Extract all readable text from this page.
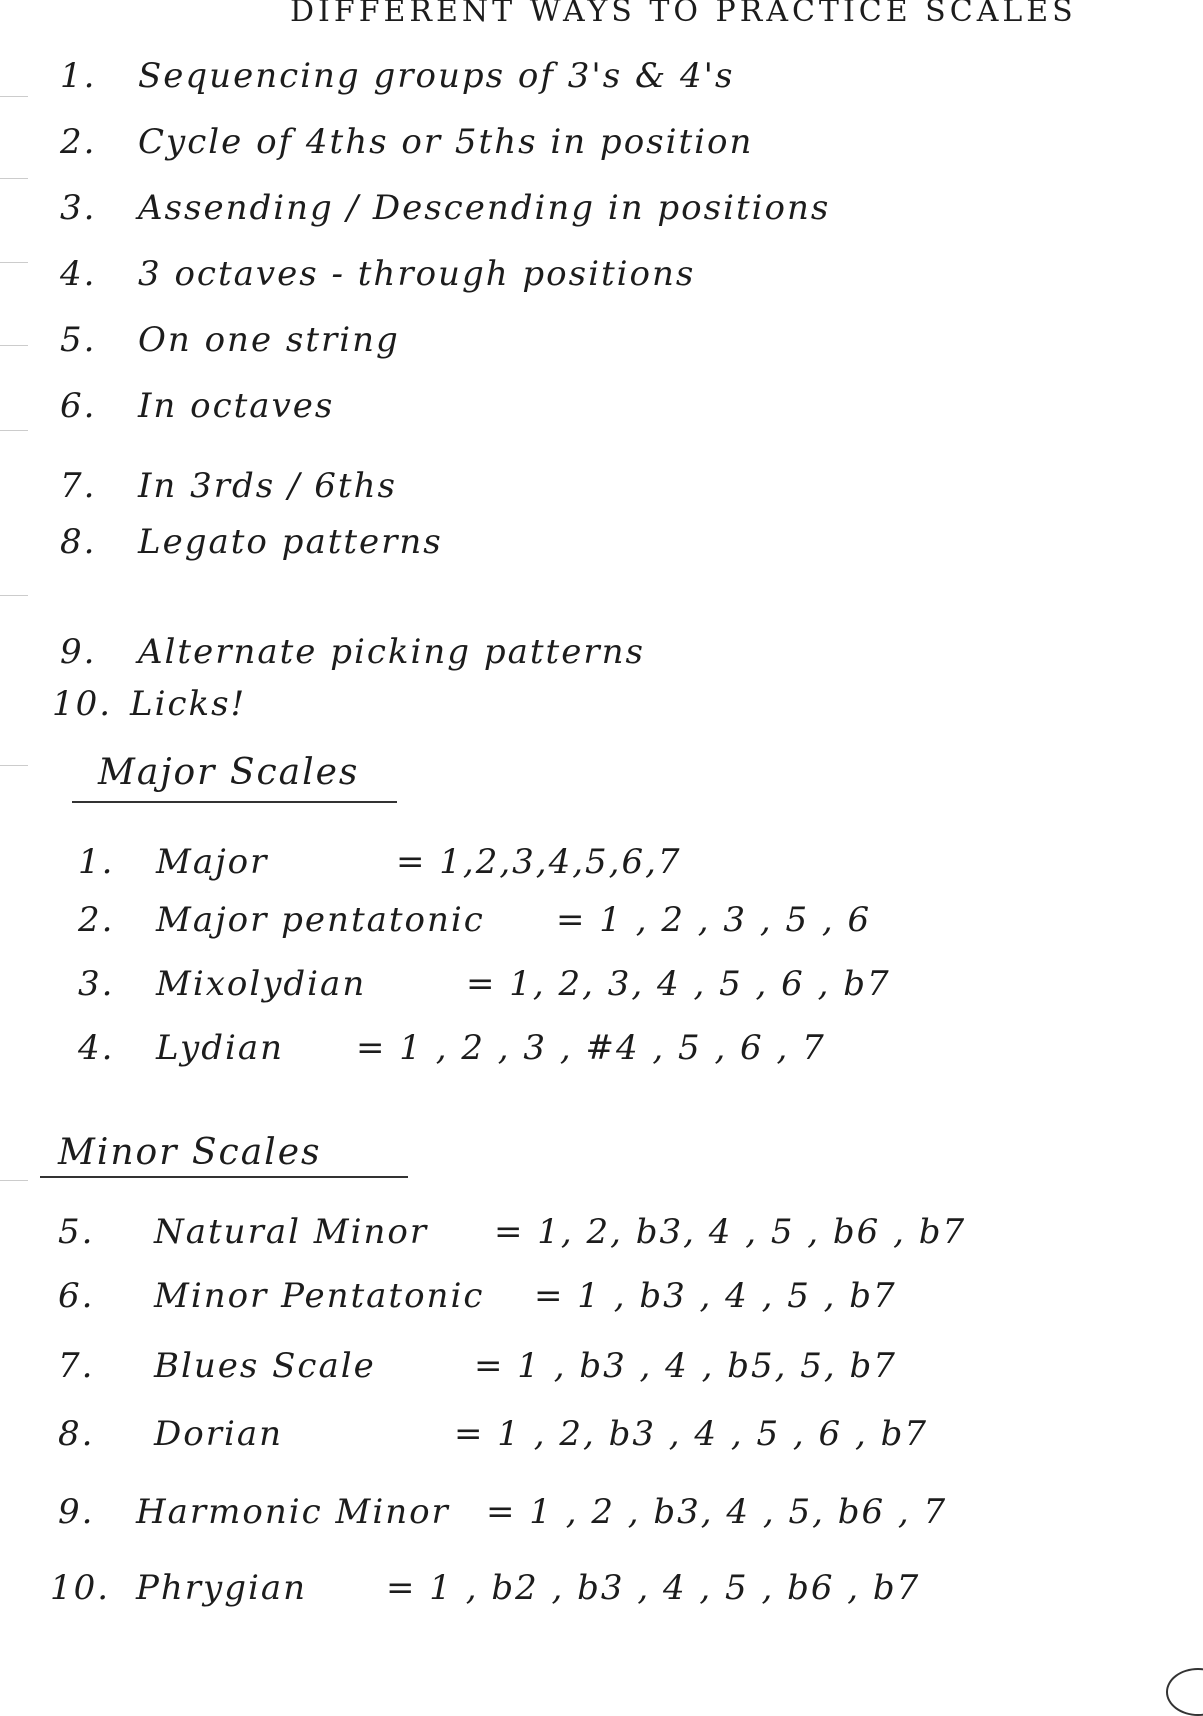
DIFFERENT WAYS TO PRACTICE SCALES
1. Sequencing groups of 3's & 4's
2. Cycle of 4ths or 5ths in position
3. Assending / Descending in positions
4. 3 octaves - through positions
5. On one string
6. In octaves
7. In 3rds / 6ths
8. Legato patterns
9. Alternate picking patterns
10. Licks!
Major Scales
1. Major	= 1,2,3,4,5,6,7
2. Major pentatonic = 1 , 2 , 3 , 5 , 6
3. Mixolydian	= 1, 2, 3, 4 , 5 , 6 , b7
4. Lydian = 1 , 2 , 3 , #4 , 5 , 6 , 7
Minor Scales
5. Natural Minor = 1, 2, b3, 4 , 5 , b6 , b7
6. Minor Pentatonic = 1 , b3 , 4 , 5 , b7
7. Blues Scale	= 1 , b3 , 4 , b5, 5, b7
8. Dorian	= 1 , 2, b3 , 4 , 5 , 6 , b7
9. Harmonic Minor = 1 , 2 , b3, 4 , 5, b6 , 7
10. Phrygian = 1 , b2 , b3 , 4 , 5 , b6 , b7
